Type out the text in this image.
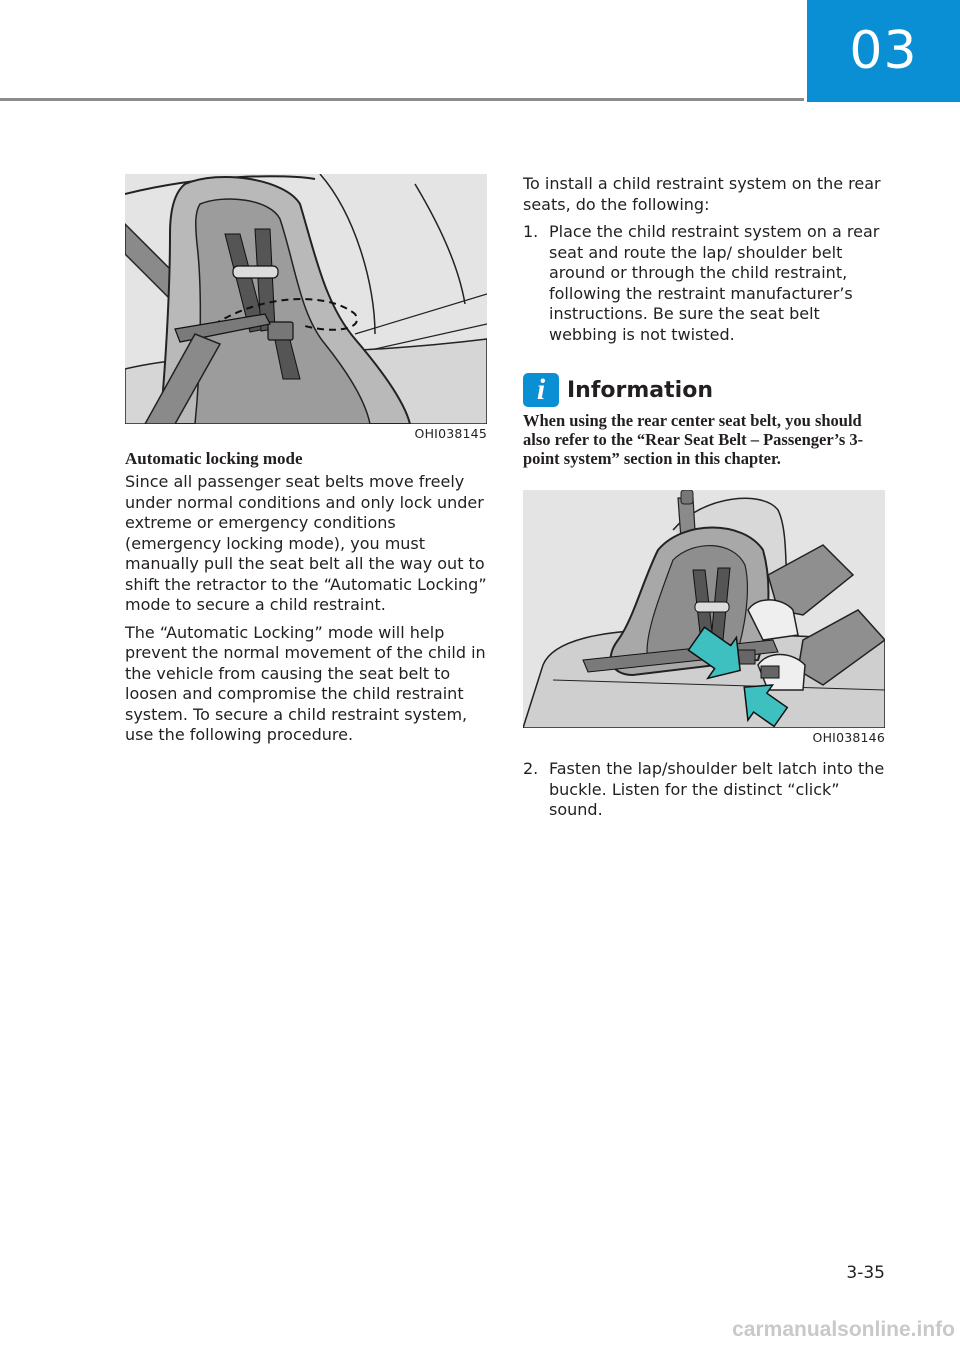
03
OHI038145
Automatic locking mode

Since all passenger seat belts move freely under normal conditions and only lock under extreme or emergency conditions (emergency locking mode), you must manually pull the seat belt all the way out to shift the retractor to the “Automatic Locking” mode to secure a child restraint.

The “Automatic Locking” mode will help prevent the normal movement of the child in the vehicle from causing the seat belt to loosen and compromise the child restraint system. To secure a child restraint system, use the following procedure.

To install a child restraint system on the rear seats, do the following:

1. Place the child restraint system on a rear seat and route the lap/ shoulder belt around or through the child restraint, following the restraint manufacturer’s instructions. Be sure the seat belt webbing is not twisted.
i Information

When using the rear center seat belt, you should also refer to the “Rear Seat Belt – Passenger’s 3-point system” section in this chapter.

OHI038146
2. Fasten the lap/shoulder belt latch into the buckle. Listen for the distinct “click” sound.
3-35
carmanualsonline.info
